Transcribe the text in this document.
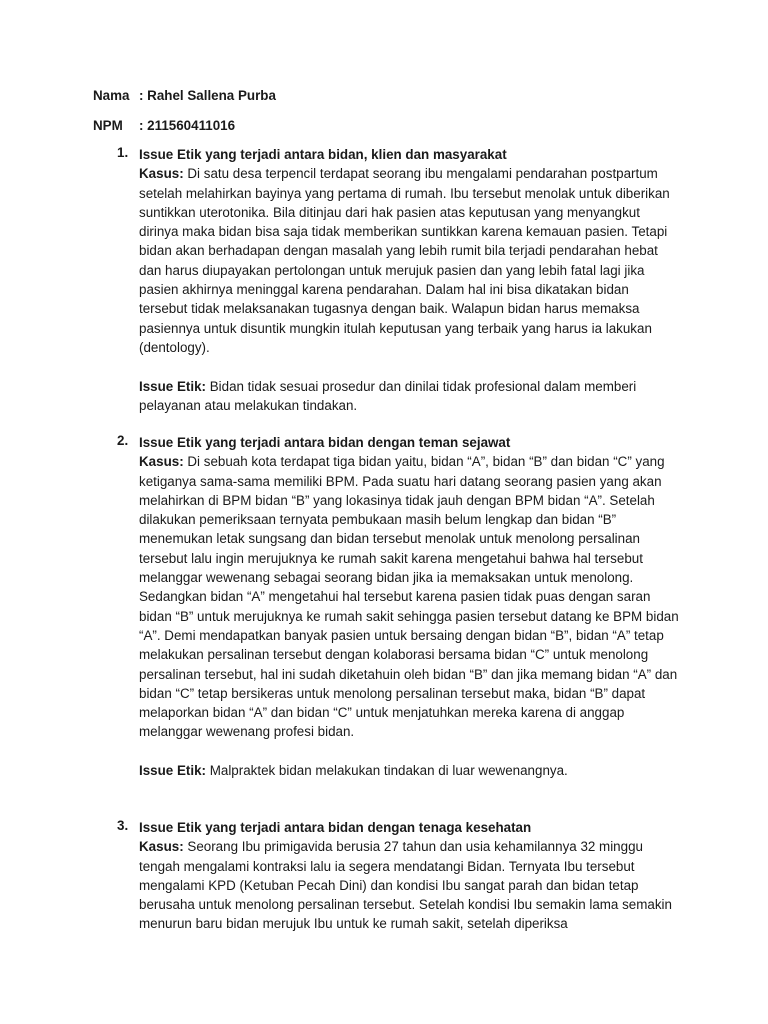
Nama : Rahel Sallena Purba
NPM : 211560411016
1. Issue Etik yang terjadi antara bidan, klien dan masyarakat
Kasus: Di satu desa terpencil terdapat seorang ibu mengalami pendarahan postpartum setelah melahirkan bayinya yang pertama di rumah. Ibu tersebut menolak untuk diberikan suntikkan uterotonika. Bila ditinjau dari hak pasien atas keputusan yang menyangkut dirinya maka bidan bisa saja tidak memberikan suntikkan karena kemauan pasien. Tetapi bidan akan berhadapan dengan masalah yang lebih rumit bila terjadi pendarahan hebat dan harus diupayakan pertolongan untuk merujuk pasien dan yang lebih fatal lagi jika pasien akhirnya meninggal karena pendarahan. Dalam hal ini bisa dikatakan bidan tersebut tidak melaksanakan tugasnya dengan baik. Walapun bidan harus memaksa pasiennya untuk disuntik mungkin itulah keputusan yang terbaik yang harus ia lakukan (dentology).
Issue Etik: Bidan tidak sesuai prosedur dan dinilai tidak profesional dalam memberi pelayanan atau melakukan tindakan.
2. Issue Etik yang terjadi antara bidan dengan teman sejawat
Kasus: Di sebuah kota terdapat tiga bidan yaitu, bidan “A”, bidan “B” dan bidan “C” yang ketiganya sama-sama memiliki BPM. Pada suatu hari datang seorang pasien yang akan melahirkan di BPM bidan “B” yang lokasinya tidak jauh dengan BPM bidan “A”. Setelah dilakukan pemeriksaan ternyata pembukaan masih belum lengkap dan bidan “B” menemukan letak sungsang dan bidan tersebut menolak untuk menolong persalinan tersebut lalu ingin merujuknya ke rumah sakit karena mengetahui bahwa hal tersebut melanggar wewenang sebagai seorang bidan jika ia memaksakan untuk menolong. Sedangkan bidan “A” mengetahui hal tersebut karena pasien tidak puas dengan saran bidan “B” untuk merujuknya ke rumah sakit sehingga pasien tersebut datang ke BPM bidan “A”. Demi mendapatkan banyak pasien untuk bersaing dengan bidan “B”, bidan “A” tetap melakukan persalinan tersebut dengan kolaborasi bersama bidan “C” untuk menolong persalinan tersebut, hal ini sudah diketahuin oleh bidan “B” dan jika memang bidan “A” dan bidan “C” tetap bersikeras untuk menolong persalinan tersebut maka, bidan “B” dapat melaporkan bidan “A” dan bidan “C” untuk menjatuhkan mereka karena di anggap melanggar wewenang profesi bidan.
Issue Etik: Malpraktek bidan melakukan tindakan di luar wewenangnya.
3. Issue Etik yang terjadi antara bidan dengan tenaga kesehatan
Kasus: Seorang Ibu primigavida berusia 27 tahun dan usia kehamilannya 32 minggu tengah mengalami kontraksi lalu ia segera mendatangi Bidan. Ternyata Ibu tersebut mengalami KPD (Ketuban Pecah Dini) dan kondisi Ibu sangat parah dan bidan tetap berusaha untuk menolong persalinan tersebut. Setelah kondisi Ibu semakin lama semakin menurun baru bidan merujuk Ibu untuk ke rumah sakit, setelah diperiksa
